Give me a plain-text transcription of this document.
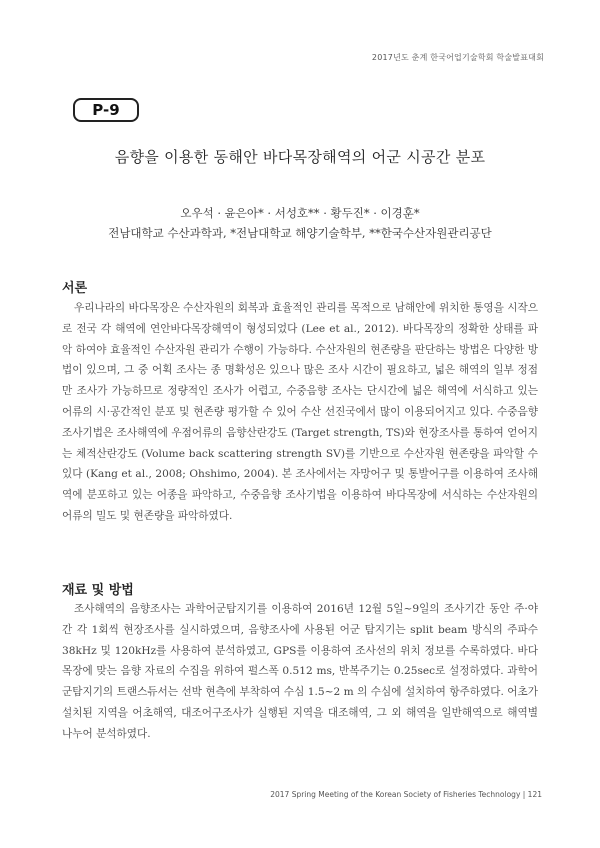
2017년도 춘계 한국어업기술학회 학술발표대회
P-9
음향을 이용한 동해안 바다목장해역의 어군 시공간 분포
오우석 · 윤은아* · 서성호** · 황두진* · 이경훈*
전남대학교 수산과학과, *전남대학교 해양기술학부, **한국수산자원관리공단
서론

우리나라의 바다목장은 수산자원의 회복과 효율적인 관리를 목적으로 남해안에 위치한 통영을 시작으로 전국 각 해역에 연안바다목장해역이 형성되었다 (Lee et al., 2012). 바다목장의 정확한 상태를 파악 하여야 효율적인 수산자원 관리가 수행이 가능하다. 수산자원의 현존량을 판단하는 방법은 다양한 방법이 있으며, 그 중 어획 조사는 종 명확성은 있으나 많은 조사 시간이 필요하고, 넓은 해역의 일부 정점만 조사가 가능하므로 정량적인 조사가 어렵고, 수중음향 조사는 단시간에 넓은 해역에 서식하고 있는 어류의 시·공간적인 분포 및 현존량 평가할 수 있어 수산 선진국에서 많이 이용되어지고 있다. 수중음향 조사기법은 조사해역에 우점어류의 음향산란강도 (Target strength, TS)와 현장조사를 통하여 얻어지는 체적산란강도 (Volume back scattering strength SV)를 기반으로 수산자원 현존량을 파악할 수 있다 (Kang et al., 2008; Ohshimo, 2004). 본 조사에서는 자망어구 및 통발어구를 이용하여 조사해역에 분포하고 있는 어종을 파악하고, 수중음향 조사기법을 이용하여 바다목장에 서식하는 수산자원의 어류의 밀도 및 현존량을 파악하였다.

재료 및 방법

조사해역의 음향조사는 과학어군탐지기를 이용하여 2016년 12월 5일~9일의 조사기간 동안 주·야간 각 1회씩 현장조사를 실시하였으며, 음향조사에 사용된 어군 탐지기는 split beam 방식의 주파수 38kHz 및 120kHz를 사용하여 분석하였고, GPS를 이용하여 조사선의 위치 정보를 수록하였다. 바다목장에 맞는 음향 자료의 수집을 위하여 펄스폭 0.512 ms, 반복주기는 0.25sec로 설정하였다. 과학어군탐지기의 트랜스듀서는 선박 현측에 부착하여 수심 1.5~2 m 의 수심에 설치하여 항주하였다. 어초가 설치된 지역을 어초해역, 대조어구조사가 실행된 지역을 대조해역, 그 외 해역을 일반해역으로 해역별 나누어 분석하였다.

2017 Spring Meeting of the Korean Society of Fisheries Technology | 121
